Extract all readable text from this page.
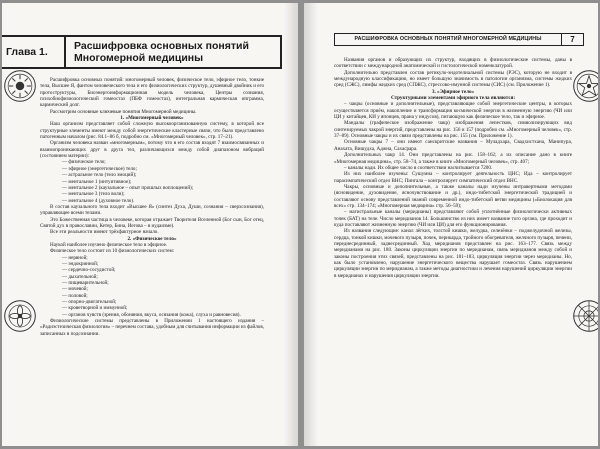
Глава 1.	Расшифровка основных понятий
Многомерной медицины

Расшифровка основных понятий: многомерный человек, физическое тело, эфирное тело, тонкие тела, Высшее Я, фантом человеческого тела и его физиологических структур, душевный двойник и его протоструктуры, Биоэнергоинформационная модель человека, Центры сознания, психобиофизиологический гомеостаз (ПБФ гомеостаз), интегральная кармическая ипграмма, кармический долг.

Рассмотрим основные ключевые понятия Многомерной медицины.

1. «Многомерный человек»

Наш организм представляет собой сложную высокоорганизованную систему, в которой все структурные элементы имеют между собой энергетические кластерные связи, что было представлено патогенным началом (рис. 84.1–86 б, подробно см. «Многомерный человек», стр. 17–21).

Организм человека назван «многомерным», потому что в его состав входят 7 взаимосвязанных и взаимопроникающих друг в друга тел, различающихся между собой диапазоном вибраций (состоянием материи):

— физическое тело;

— эфирное (энергетическое) тело;

— астральное тело (тело эмоций);

— ментальное 1 (интуитивное);

— ментальное 2 (каузальное – опыт прошлых воплощений);

— ментальное 3 (тело воли);

— ментальное 4 (духовное тело).

В состав каузального тела входит «Высшее Я» (синтез Духа, Души, сознания – сверхсознания), управляющее всеми телами.

Это Божественная частица в человеке, которая отражает Творителя Вселенной (Бог сын, Бог отец, Святой дух в православии, Кетер, Бина, Иегова – в иудаизме).

Все эти реальности имеют трёхфактурное начало.

2. «Физическое тело»

Наукой наиболее изучено физическое тело в эфирное.

Физическое тело состоит из 10 физиологических систем:

— нервной;

— эндокринной;

— сердечно-сосудистой;

— дыхательной;

— пищеварительной;

— мочевой;

— половой;

— опорно-двигательной;

— кроветворной и иммунной;

— органов чувств (зрения, обоняния, вкуса, осязания (кожа), слуха и равновесия).

Физиологические системы представлены в Приложении 1 настоящего издания – «Радиэстезическая физиология» – перечнем состава, удобным для считывания информации из файлов, записанных в подсознании.

РАСШИФРОВКА ОСНОВНЫХ ПОНЯТИЙ МНОГОМЕРНОЙ МЕДИЦИНЫ	7

Названия органов и образующих их структур, входящих в физиологические системы, даны в соответствии с международной анатомической и гистологической номенклатурой.

Дополнительно представлен состав ретикуло-эндотелиальной системы (РЭС), которую не входит в международную классификацию, но имеет большую значимость в патологии организма, системы жидких сред (СЖС), лимфы жидких сред (СПЖС), стрессово-имунной системы (СИС) (см. Приложение 1).

3. «Эфирное тело»

Структурными элементами эфирного тела являются:

– чакры (основные и дополнительные), представляющие собой энергетические центры, в которых осуществляется приём, накопление и трансформация космической энергии в жизненную энергию (ЧИ или ЦИ у китайцев, КИ у японцев, прана у индусов), питающую как физическое тело, так и эфирное.

Мандалы (графическое изображение чакр) изображения лепестков, символизирующих вид синтезируемых чакрой энергий, представлены на рис. 156 и 157 (подробно см. «Многомерный человек», стр. 37–89). Основные чакры и их связи представлены на рис. 155 (см. Приложение 1).

Основные чакры 7 – они имеют санскритские названия – Муладхара, Свадхистхана, Манипура, Анахата, Вишудха, Аджна, Сахасрара.

Дополнительных чакр 14. Они представлены на рис. 158–162; а их описание дано в книге «Многомерная медицина», стр. 58–74, а также в книге «Многомерный человек», стр. 407;

– каналы нади. Их общее число в соответствии насчитывается 7200.

Из них наиболее изучены: Сушумна – контролирует деятельность ЦНС; Ида – контролирует парасимпатический отдел ВНС; Пингала – контролирует симпатический отдел ВНС.

Чакры, основные и дополнительные, а также каналы нади изучены интравертными методами (ясновидение, духовидение, ясночувствование и др.), индо-тибетской энергетической традицией и составляют основу представлений знаний современной индо-тибетской ветви медицины («Биолокация для всех» стр. 134–174; «Многомерная медицина» стр. 56–59);

– магистральные каналы (меридианы) представляют собой уплотнённые физиологически активных точек (БАТ) на теле. Число меридианов 14. Большинство из них имеет название того органа, где проходит и куда поставляют жизненную энергию (ЧИ или ЦИ) для его функционирования.

Из названия следующие: канал лёгких, толстой кишки, желудка, селезёнки – поджелудочной железы, сердца, тонкой кишки, мочевого пузыря, почек, перикарда, тройного обогревателя, желчного пузыря, печени, переднесрединный, заднесрединный. Ход меридианов представлен на рис. 163–177. Связь между меридианами на рис. 180. Законы циркуляции энергии по меридианам, связь меридианов между собой и законы построения этих связей, представлены на рис. 181–183, циркуляция энергии через меридианы. Но, как было установлено, нарушение энергетического вещества нарушает гомеостаз. Связь нарушением циркуляции энергии по меридианам, а также методы диагностики и лечения нарушений циркуляции энергии в меридианах и нарушения циркуляции энергии.
